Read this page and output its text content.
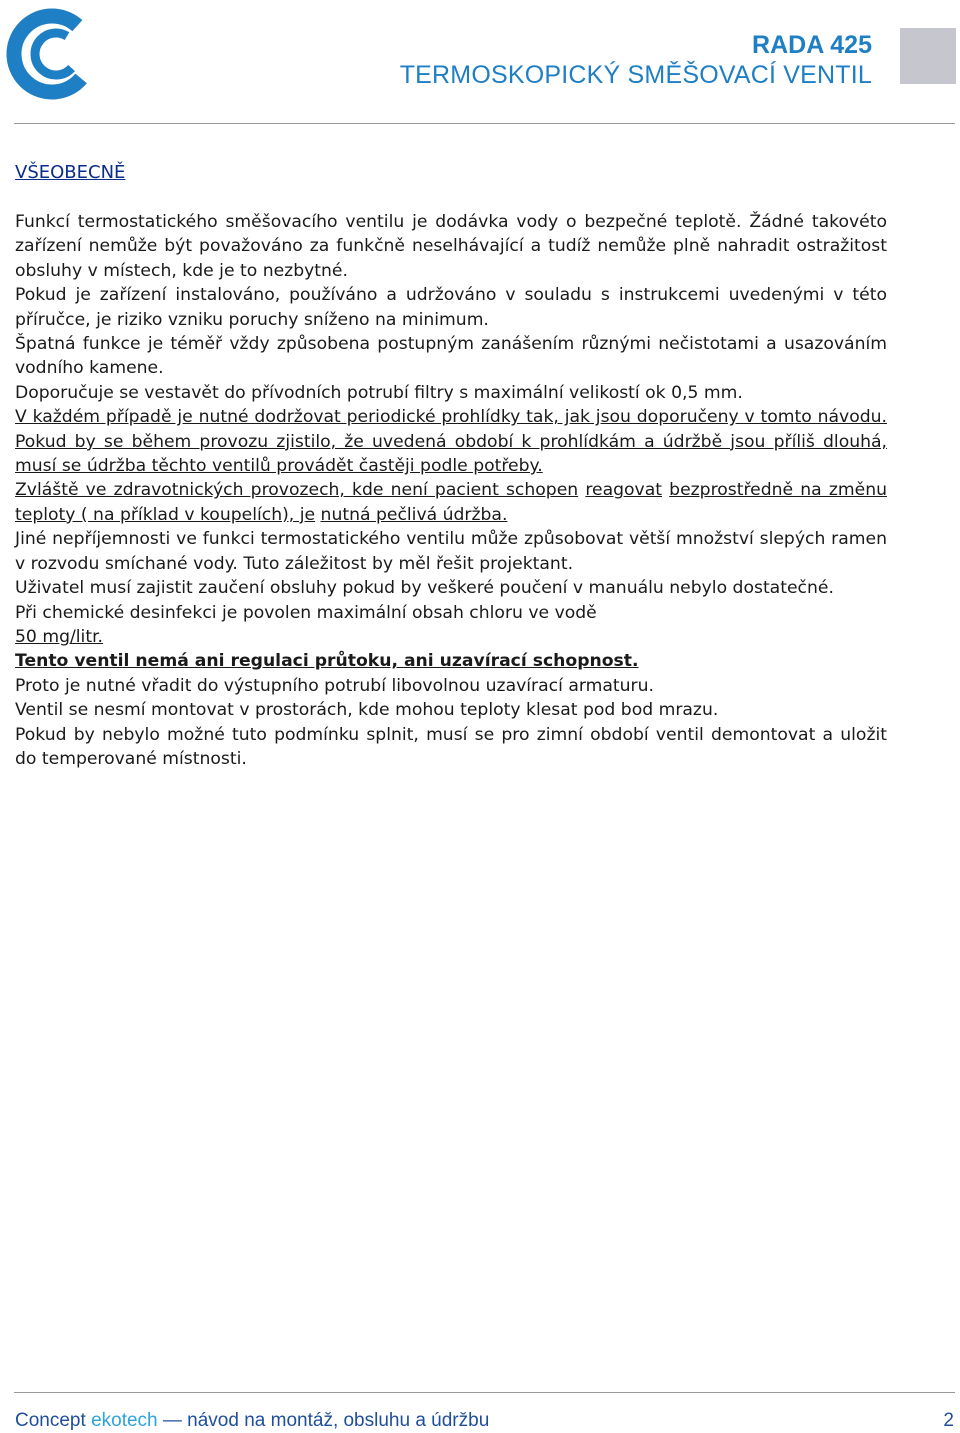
RADA 425
TERMOSKOPICKÝ SMĚŠOVACÍ VENTIL
VŠEOBECNĚ

Funkcí termostatického směšovacího ventilu je dodávka vody o bezpečné teplotě. Žádné takovéto zařízení nemůže být považováno za funkčně neselhávající a tudíž nemůže plně nahradit ostražitost obsluhy v místech, kde je to nezbytné.

Pokud je zařízení instalováno, používáno a udržováno v souladu s instrukcemi uvedenými v této příručce, je riziko vzniku poruchy sníženo na minimum.

Špatná funkce je téměř vždy způsobena postupným zanášením různými nečistotami a usazováním vodního kamene.

Doporučuje se vestavět do přívodních potrubí filtry s maximální velikostí ok 0,5 mm.

V každém případě je nutné dodržovat periodické prohlídky tak, jak jsou doporučeny v tomto návodu. Pokud by se během provozu zjistilo, že uvedená období k prohlídkám a údržbě jsou příliš dlouhá, musí se údržba těchto ventilů provádět častěji podle potřeby.

Zvláště ve zdravotnických provozech, kde není pacient schopen reagovat bezprostředně na změnu teploty ( na příklad v koupelích), je nutná pečlivá údržba.

Jiné nepříjemnosti ve funkci termostatického ventilu může způsobovat větší množství slepých ramen v rozvodu smíchané vody. Tuto záležitost by měl řešit projektant.

Uživatel musí zajistit zaučení obsluhy pokud by veškeré poučení v manuálu nebylo dostatečné.

Při chemické desinfekci je povolen maximální obsah chloru ve vodě

50 mg/litr.

Tento ventil nemá ani regulaci průtoku, ani uzavírací schopnost.

Proto je nutné vřadit do výstupního potrubí libovolnou uzavírací armaturu.

Ventil se nesmí montovat v prostorách, kde mohou teploty klesat pod bod mrazu.

Pokud by nebylo možné tuto podmínku splnit, musí se pro zimní období ventil demontovat a uložit do temperované místnosti.

Concept ekotech — návod na montáž, obsluhu a údržbu	2
